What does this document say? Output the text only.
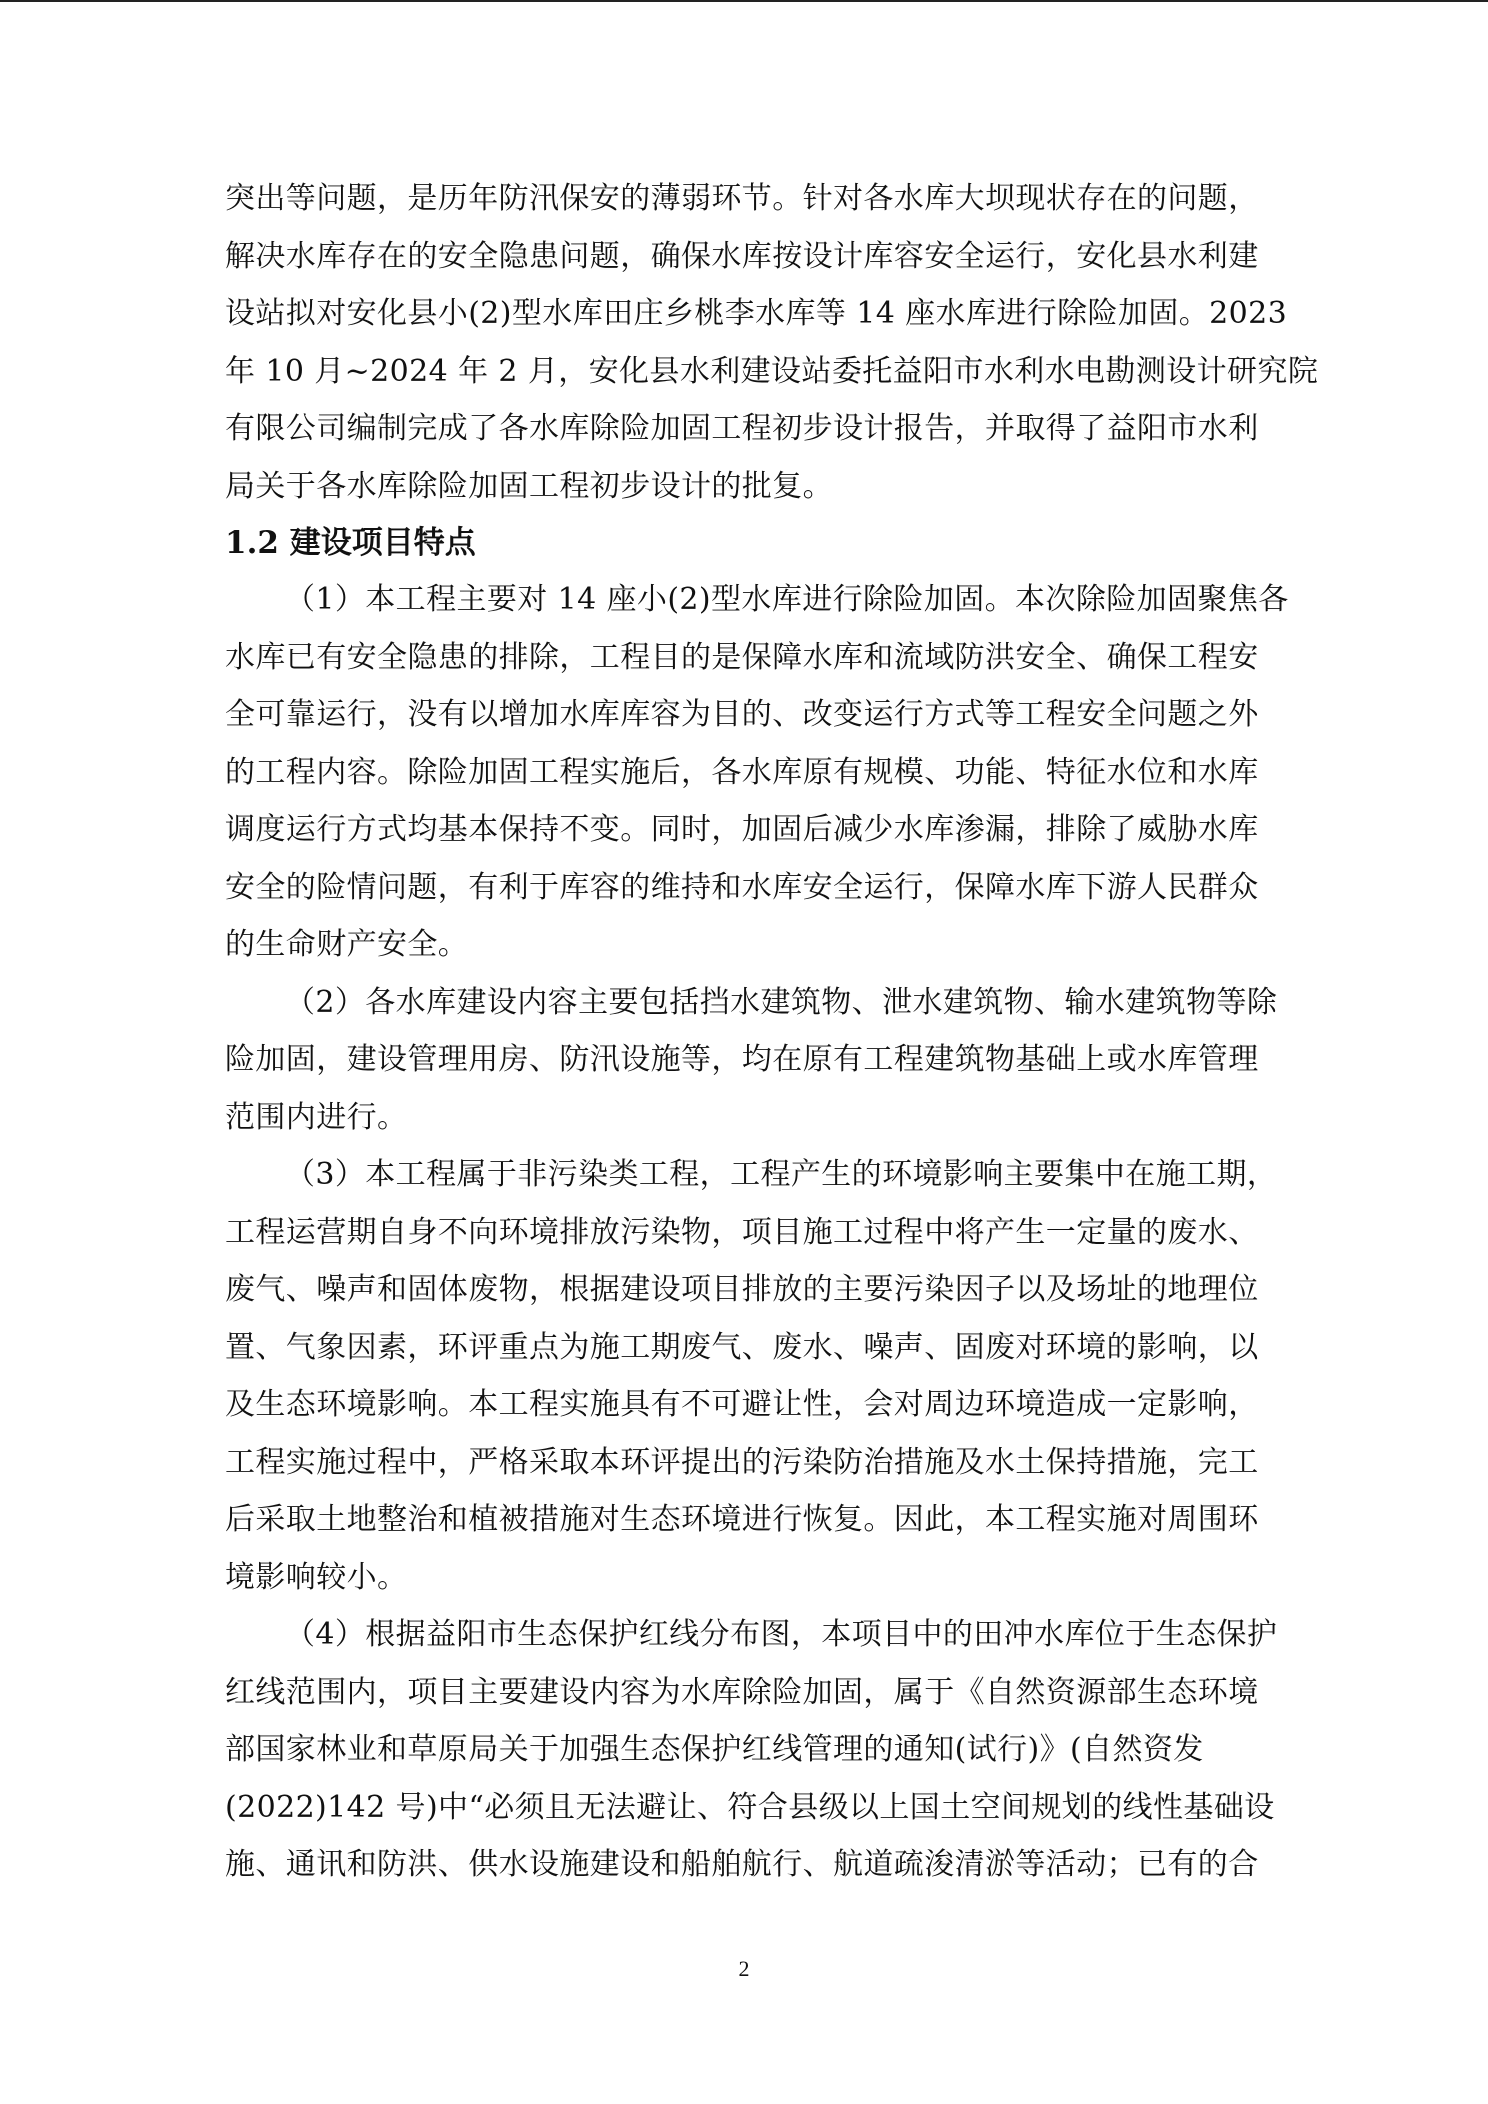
突出等问题，是历年防汛保安的薄弱环节。针对各水库大坝现状存在的问题，
解决水库存在的安全隐患问题，确保水库按设计库容安全运行，安化县水利建
设站拟对安化县小(2)型水库田庄乡桃李水库等 14 座水库进行除险加固。2023
年 10 月~2024 年 2 月，安化县水利建设站委托益阳市水利水电勘测设计研究院
有限公司编制完成了各水库除险加固工程初步设计报告，并取得了益阳市水利
局关于各水库除险加固工程初步设计的批复。
1.2 建设项目特点
（1）本工程主要对 14 座小(2)型水库进行除险加固。本次除险加固聚焦各
水库已有安全隐患的排除，工程目的是保障水库和流域防洪安全、确保工程安
全可靠运行，没有以增加水库库容为目的、改变运行方式等工程安全问题之外
的工程内容。除险加固工程实施后，各水库原有规模、功能、特征水位和水库
调度运行方式均基本保持不变。同时，加固后减少水库渗漏，排除了威胁水库
安全的险情问题，有利于库容的维持和水库安全运行，保障水库下游人民群众
的生命财产安全。
（2）各水库建设内容主要包括挡水建筑物、泄水建筑物、输水建筑物等除
险加固，建设管理用房、防汛设施等，均在原有工程建筑物基础上或水库管理
范围内进行。
（3）本工程属于非污染类工程，工程产生的环境影响主要集中在施工期，
工程运营期自身不向环境排放污染物，项目施工过程中将产生一定量的废水、
废气、噪声和固体废物，根据建设项目排放的主要污染因子以及场址的地理位
置、气象因素，环评重点为施工期废气、废水、噪声、固废对环境的影响，以
及生态环境影响。本工程实施具有不可避让性，会对周边环境造成一定影响，
工程实施过程中，严格采取本环评提出的污染防治措施及水土保持措施，完工
后采取土地整治和植被措施对生态环境进行恢复。因此，本工程实施对周围环
境影响较小。
（4）根据益阳市生态保护红线分布图，本项目中的田冲水库位于生态保护
红线范围内，项目主要建设内容为水库除险加固，属于《自然资源部生态环境
部国家林业和草原局关于加强生态保护红线管理的通知(试行)》(自然资发
(2022)142 号)中“必须且无法避让、符合县级以上国土空间规划的线性基础设
施、通讯和防洪、供水设施建设和船舶航行、航道疏浚清淤等活动；已有的合
2
